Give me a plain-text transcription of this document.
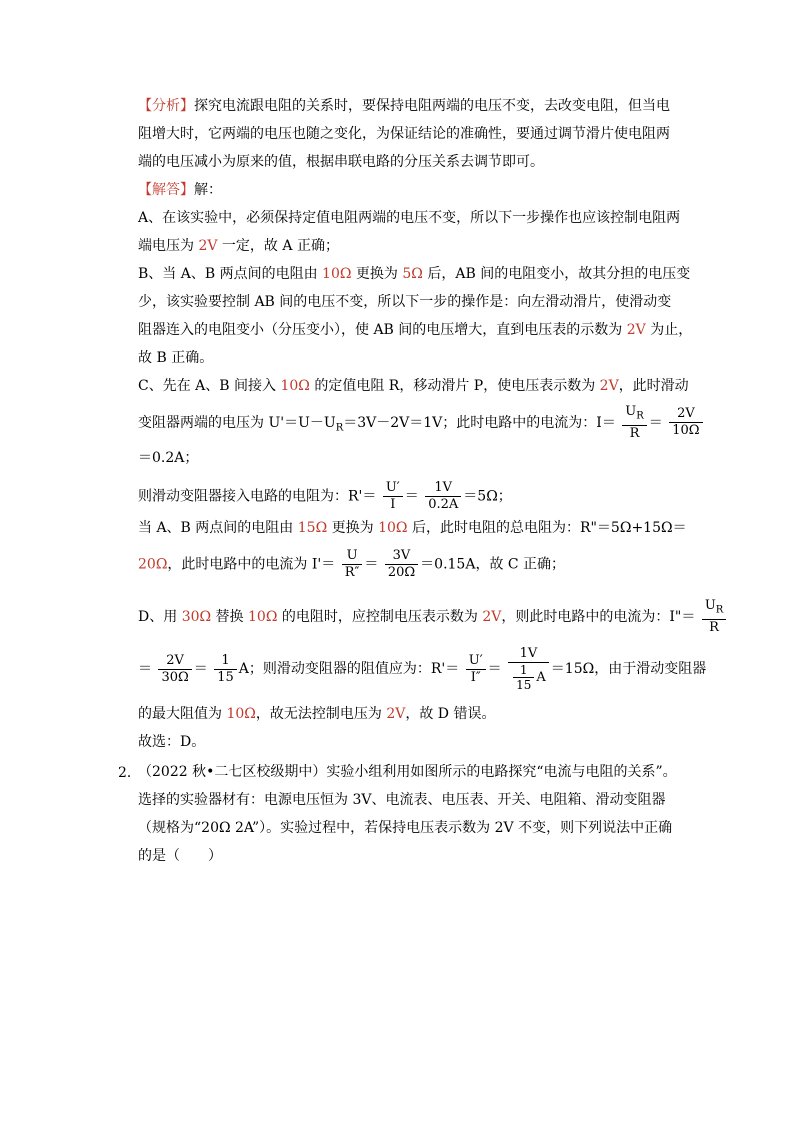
【分析】探究电流跟电阻的关系时，要保持电阻两端的电压不变，去改变电阻，但当电
阻增大时，它两端的电压也随之变化，为保证结论的准确性，要通过调节滑片使电阻两
端的电压减小为原来的值，根据串联电路的分压关系去调节即可。
【解答】解：
A、在该实验中，必须保持定值电阻两端的电压不变，所以下一步操作也应该控制电阻两
端电压为 2V 一定，故 A 正确；
B、当 A、B 两点间的电阻由 10Ω 更换为 5Ω 后，AB 间的电阻变小，故其分担的电压变
少，该实验要控制 AB 间的电压不变，所以下一步的操作是：向左滑动滑片，使滑动变
阻器连入的电阻变小（分压变小），使 AB 间的电压增大，直到电压表的示数为 2V 为止，
故 B 正确。
C、先在 A、B 间接入 10Ω 的定值电阻 R，移动滑片 P，使电压表示数为 2V，此时滑动
变阻器两端的电压为 $U'=U-U_R=3V-2V=1V$；此时电路中的电流为：$I= \frac{U_R}{R} = \frac{2V}{10\Omega}$
＝0.2A；
则滑动变阻器接入电路的电阻为：$R'= \frac{U'}{I} = \frac{1V}{0.2A} =5\Omega$；
当 A、B 两点间的电阻由 15Ω 更换为 10Ω 后，此时电阻的总电阻为：R"＝5Ω+15Ω＝
20Ω，此时电路中的电流为 $I'= \frac{U}{R''} = \frac{3V}{20\Omega} =0.15A$，故 C 正确；
D、用 30Ω 替换 10Ω 的电阻时，应控制电压表示数为 2V，则此时电路中的电流为：I"＝ $\frac{U_R}{R}$
＝ $\frac{2V}{30\Omega} = \frac{1}{15}$ A；则滑动变阻器的阻值应为：$R'= \frac{U'}{I''} = \frac{1V}{\frac{1}{15} A} =15\Omega$，由于滑动变阻器
的最大阻值为 10Ω，故无法控制电压为 2V，故 D 错误。
故选：D。
2．
（2022 秋•二七区校级期中）实验小组利用如图所示的电路探究“电流与电阻的关系”。
选择的实验器材有：电源电压恒为 3V、电流表、电压表、开关、电阻箱、滑动变阻器
（规格为“20Ω 2A”）。实验过程中，若保持电压表示数为 2V 不变，则下列说法中正确
的是（　　）
